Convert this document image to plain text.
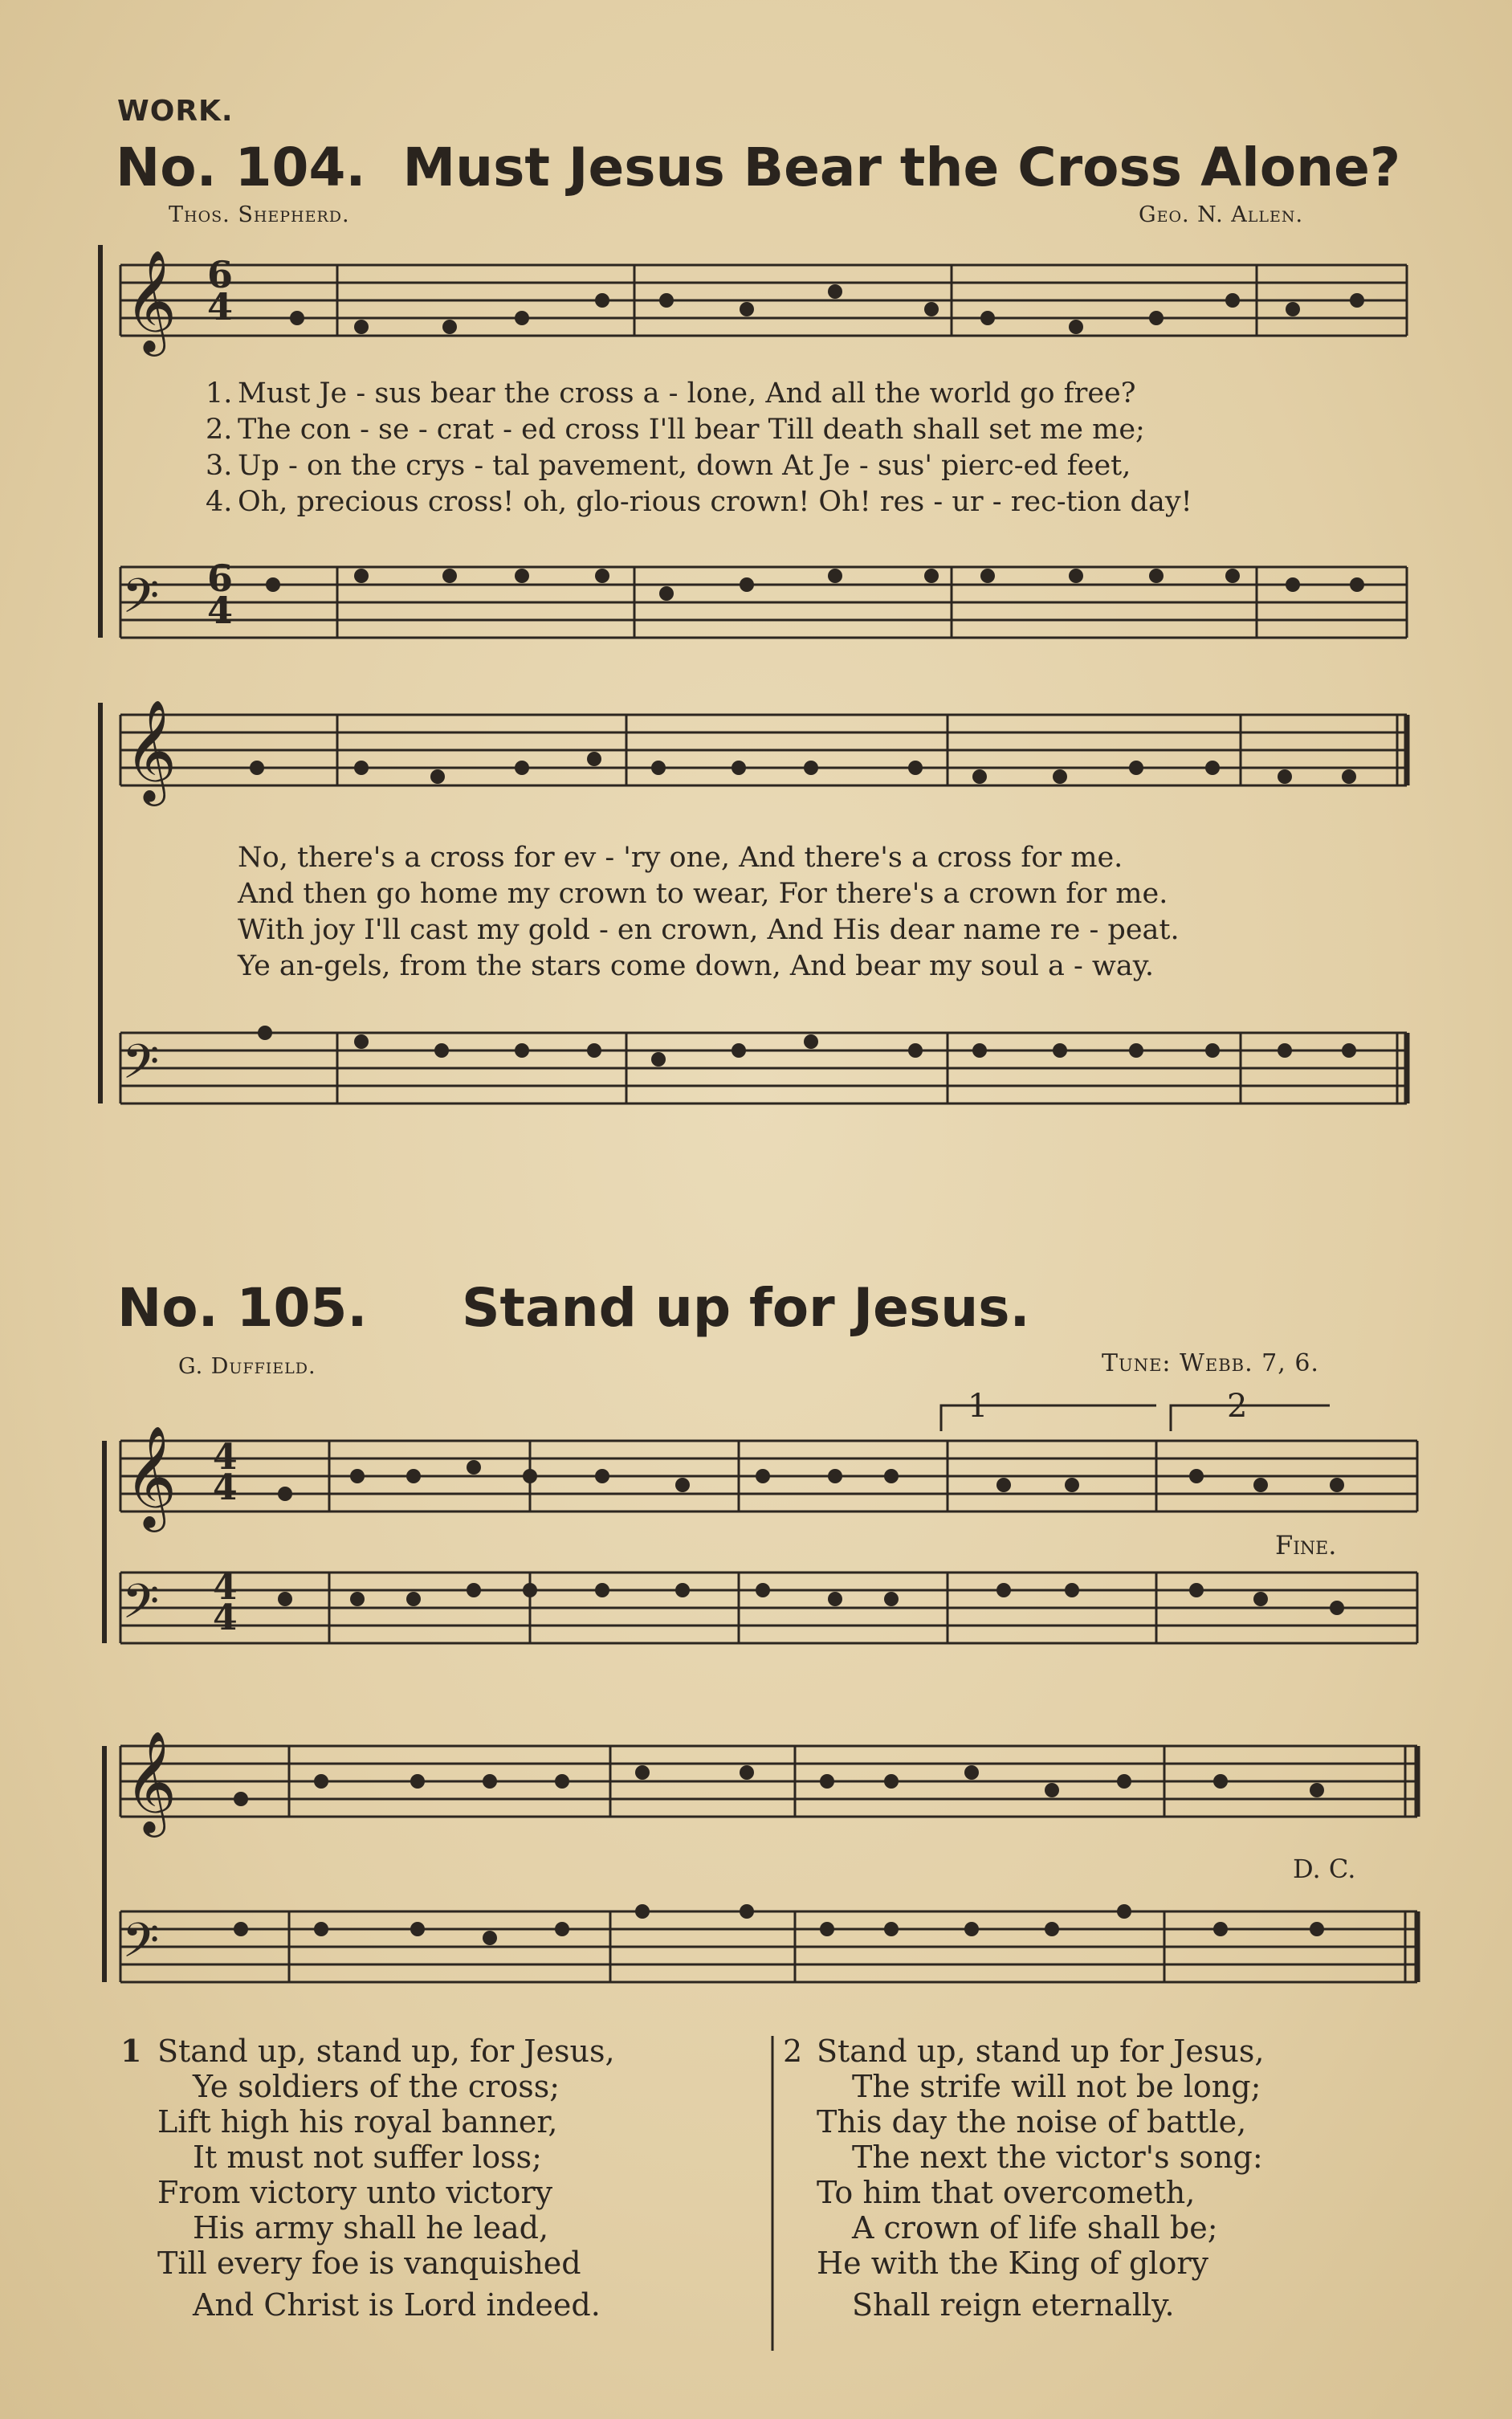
WORK.
No. 104. Must Jesus Bear the Cross Alone?
Thos. Shepherd.	Geo. N. Allen.
𝄞 6
4
1. Must Je - sus bear the cross a - lone, And all the world go free?
2. The con - se - crat - ed cross I'll bear Till death shall set me me;
3. Up - on the crys - tal pavement, down At Je - sus' pierc-ed feet,
4. Oh, precious cross! oh, glo-rious crown! Oh! res - ur - rec-tion day!
𝄢 6
4
𝄞
No, there's a cross for ev - 'ry one, And there's a cross for me.
And then go home my crown to wear, For there's a crown for me.
With joy I'll cast my gold - en crown, And His dear name re - peat.
Ye an-gels, from the stars come down, And bear my soul a - way.
𝄢
No. 105. Stand up for Jesus.
G. Duffield.	Tune: Webb. 7, 6.
1	2
𝄞
Fine.
𝄢
4
4
4
4
𝄞
D. C.
𝄢
1 Stand up, stand up, for Jesus,
Ye soldiers of the cross;
Lift high his royal banner,
It must not suffer loss;
From victory unto victory
His army shall he lead,
Till every foe is vanquished
And Christ is Lord indeed.
2 Stand up, stand up for Jesus,
The strife will not be long;
This day the noise of battle,
The next the victor's song:
To him that overcometh,
A crown of life shall be;
He with the King of glory
Shall reign eternally.
